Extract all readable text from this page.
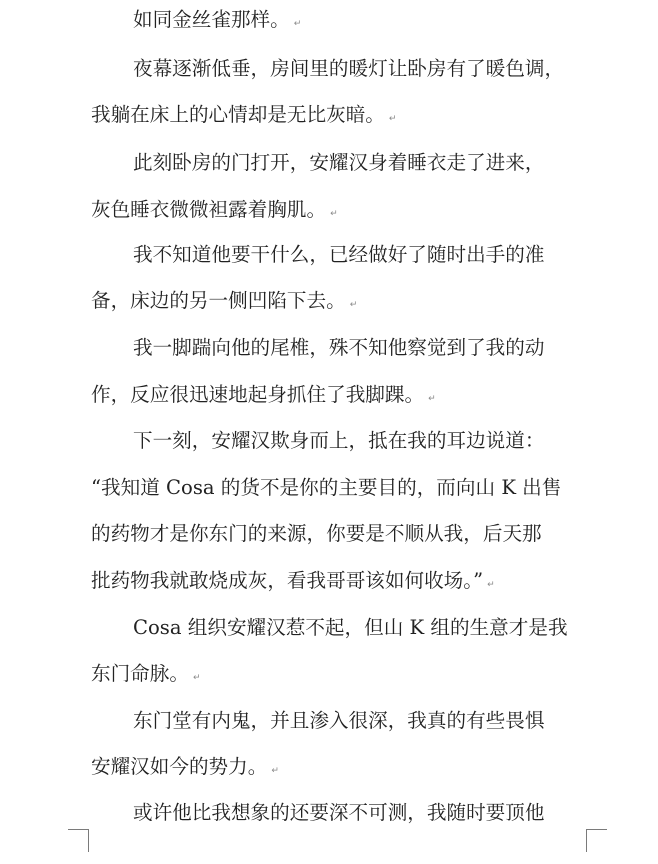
如同金丝雀那样。 ↵
夜幕逐渐低垂，房间里的暖灯让卧房有了暖色调，
我躺在床上的心情却是无比灰暗。 ↵
此刻卧房的门打开，安耀汉身着睡衣走了进来，
灰色睡衣微微袒露着胸肌。 ↵
我不知道他要干什么，已经做好了随时出手的准
备，床边的另一侧凹陷下去。 ↵
我一脚踹向他的尾椎，殊不知他察觉到了我的动
作，反应很迅速地起身抓住了我脚踝。 ↵
下一刻，安耀汉欺身而上，抵在我的耳边说道：
“我知道 Cosa 的货不是你的主要目的，而向山 K 出售
的药物才是你东门的来源，你要是不顺从我，后天那
批药物我就敢烧成灰，看我哥哥该如何收场。” ↵
Cosa 组织安耀汉惹不起，但山 K 组的生意才是我
东门命脉。 ↵
东门堂有内鬼，并且渗入很深，我真的有些畏惧
安耀汉如今的势力。 ↵
或许他比我想象的还要深不可测，我随时要顶他
